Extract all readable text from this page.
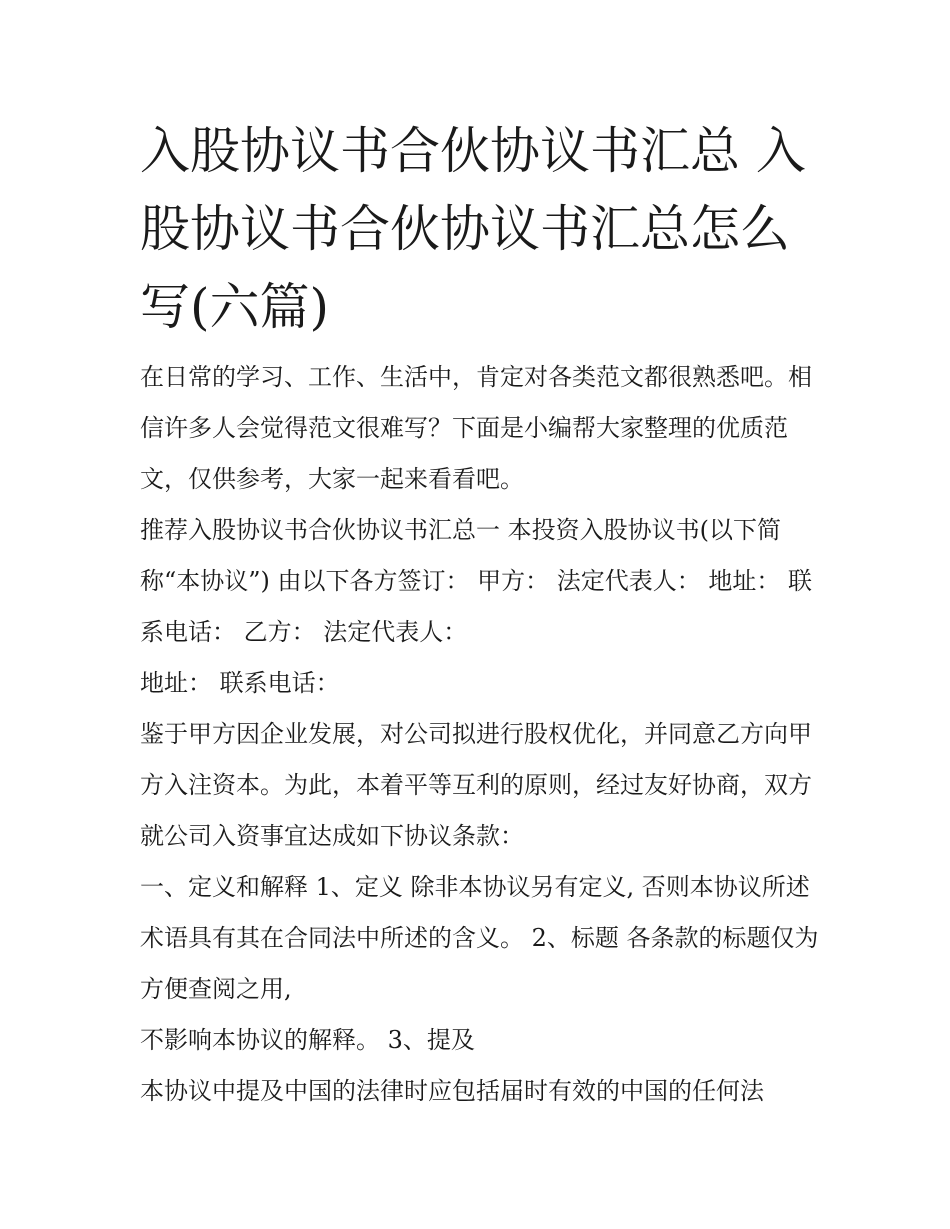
入股协议书合伙协议书汇总 入股协议书合伙协议书汇总怎么写(六篇)

在日常的学习、工作、生活中，肯定对各类范文都很熟悉吧。相信许多人会觉得范文很难写？下面是小编帮大家整理的优质范文，仅供参考，大家一起来看看吧。

推荐入股协议书合伙协议书汇总一 本投资入股协议书(以下简称“本协议”) 由以下各方签订： 甲方： 法定代表人： 地址： 联系电话： 乙方： 法定代表人：

地址： 联系电话：

鉴于甲方因企业发展，对公司拟进行股权优化，并同意乙方向甲方入注资本。为此，本着平等互利的原则，经过友好协商，双方就公司入资事宜达成如下协议条款：

一、定义和解释 1、定义 除非本协议另有定义, 否则本协议所述术语具有其在合同法中所述的含义。 2、标题 各条款的标题仅为方便查阅之用,

不影响本协议的解释。 3、提及

本协议中提及中国的法律时应包括届时有效的中国的任何法
